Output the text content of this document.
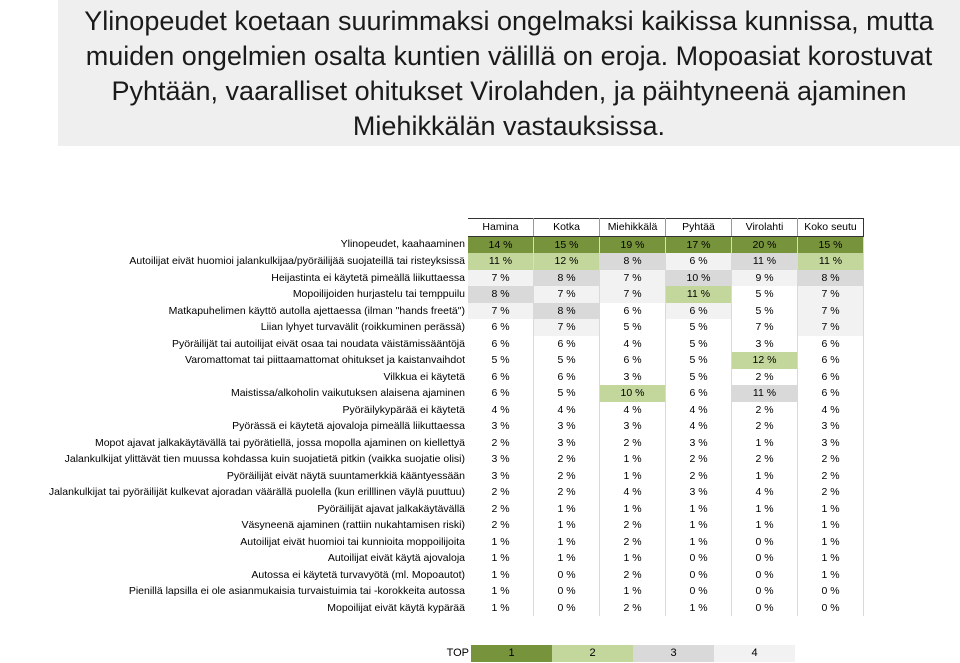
Ylinopeudet koetaan suurimmaksi ongelmaksi kaikissa kunnissa, mutta muiden ongelmien osalta kuntien välillä on eroja. Mopoasiat korostuvat Pyhtään, vaaralliset ohitukset Virolahden, ja päihtyneenä ajaminen Miehikkälän vastauksissa.
	Hamina	Kotka	Miehikkälä	Pyhtää	Virolahti	Koko seutu
Ylinopeudet, kaahaaminen	14 %	15 %	19 %	17 %	20 %	15 %
Autoilijat eivät huomioi jalankulkijaa/pyöräilijää suojateillä tai risteyksissä	11 %	12 %	8 %	6 %	11 %	11 %
Heijastinta ei käytetä pimeällä liikuttaessa	7 %	8 %	7 %	10 %	9 %	8 %
Mopoilijoiden hurjastelu tai temppuilu	8 %	7 %	7 %	11 %	5 %	7 %
Matkapuhelimen käyttö autolla ajettaessa (ilman "hands freetä")	7 %	8 %	6 %	6 %	5 %	7 %
Liian lyhyet turvavälit (roikkuminen perässä)	6 %	7 %	5 %	5 %	7 %	7 %
Pyöräilijät tai autoilijat eivät osaa tai noudata väistämissääntöjä	6 %	6 %	4 %	5 %	3 %	6 %
Varomattomat tai piittaamattomat ohitukset ja kaistanvaihdot	5 %	5 %	6 %	5 %	12 %	6 %
Vilkkua ei käytetä	6 %	6 %	3 %	5 %	2 %	6 %
Maistissa/alkoholin vaikutuksen alaisena ajaminen	6 %	5 %	10 %	6 %	11 %	6 %
Pyöräilykypärää ei käytetä	4 %	4 %	4 %	4 %	2 %	4 %
Pyörässä ei käytetä ajovaloja pimeällä liikuttaessa	3 %	3 %	3 %	4 %	2 %	3 %
Mopot ajavat jalkakäytävällä tai pyörätiellä, jossa mopolla ajaminen on kiellettyä	2 %	3 %	2 %	3 %	1 %	3 %
Jalankulkijat ylittävät tien muussa kohdassa kuin suojatietä pitkin (vaikka suojatie olisi)	3 %	2 %	1 %	2 %	2 %	2 %
Pyöräilijät eivät näytä suuntamerkkiä kääntyessään	3 %	2 %	1 %	2 %	1 %	2 %
Jalankulkijat tai pyöräilijät kulkevat ajoradan väärällä puolella (kun erilllinen väylä puuttuu)	2 %	2 %	4 %	3 %	4 %	2 %
Pyöräilijät ajavat jalkakäytävällä	2 %	1 %	1 %	1 %	1 %	1 %
Väsyneenä ajaminen (rattiin nukahtamisen riski)	2 %	1 %	2 %	1 %	1 %	1 %
Autoilijat eivät huomioi tai kunnioita moppoilijoita	1 %	1 %	2 %	1 %	0 %	1 %
Autoilijat eivät käytä ajovaloja	1 %	1 %	1 %	0 %	0 %	1 %
Autossa ei käytetä turvavyötä (ml. Mopoautot)	1 %	0 %	2 %	0 %	0 %	1 %
Pienillä lapsilla ei ole asianmukaisia turvaistuimia tai -korokkeita autossa	1 %	0 %	1 %	0 %	0 %	0 %
Mopoilijat eivät käytä kypärää	1 %	0 %	2 %	1 %	0 %	0 %
TOP	1	2	3	4
